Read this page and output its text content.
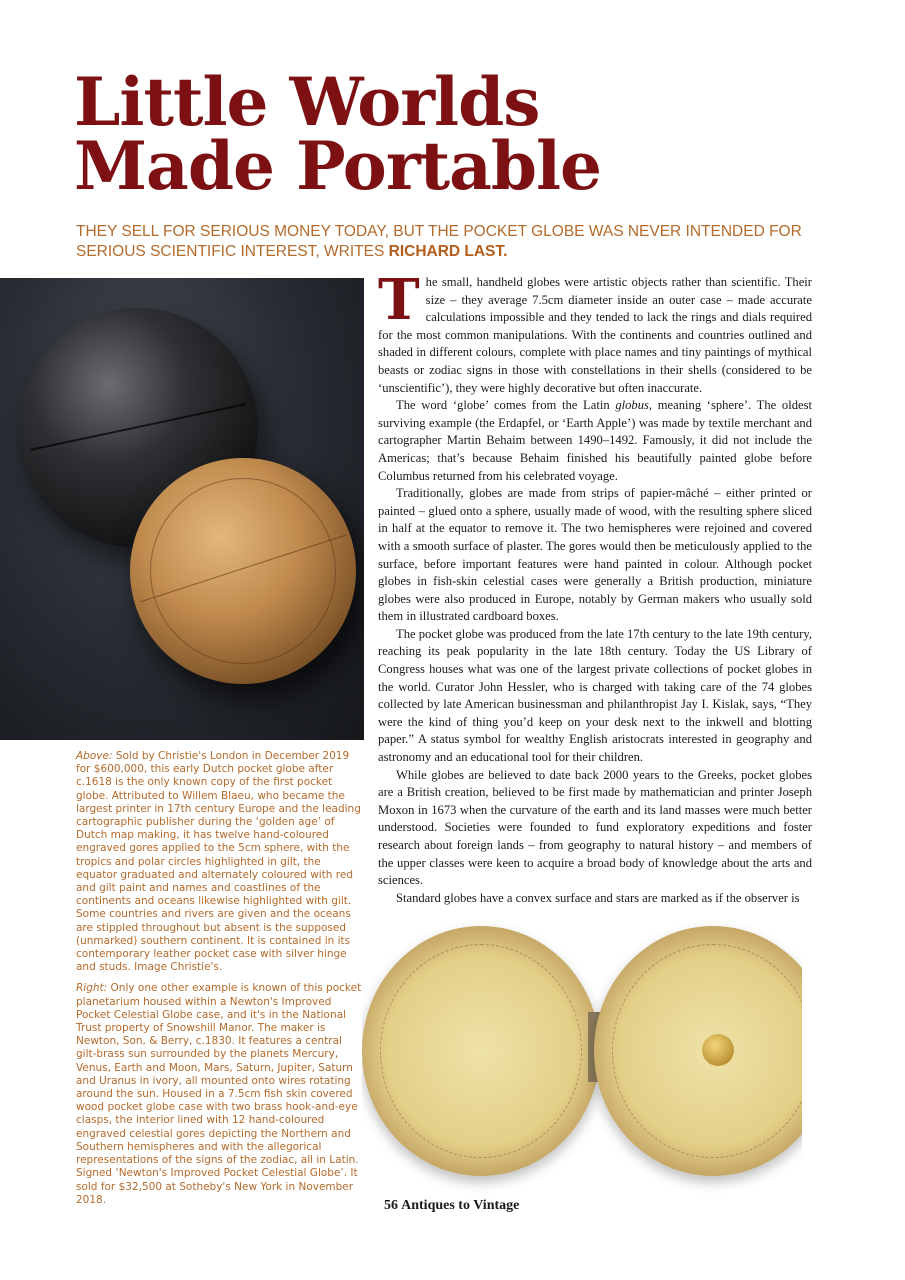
Little Worlds
Made Portable
THEY SELL FOR SERIOUS MONEY TODAY, BUT THE POCKET GLOBE WAS NEVER INTENDED FOR SERIOUS SCIENTIFIC INTEREST, WRITES RICHARD LAST.

The small, handheld globes were artistic objects rather than scientific. Their size – they average 7.5cm diameter inside an outer case – made accurate calculations impossible and they tended to lack the rings and dials required for the most common manipulations. With the continents and countries outlined and shaded in different colours, complete with place names and tiny paintings of mythical beasts or zodiac signs in those with constellations in their shells (considered to be ‘unscientific’), they were highly decorative but often inaccurate.

The word ‘globe’ comes from the Latin globus, meaning ‘sphere’. The oldest surviving example (the Erdapfel, or ‘Earth Apple’) was made by textile merchant and cartographer Martin Behaim between 1490–1492. Famously, it did not include the Americas; that’s because Behaim finished his beautifully painted globe before Columbus returned from his celebrated voyage.

Traditionally, globes are made from strips of papier-mâché – either printed or painted – glued onto a sphere, usually made of wood, with the resulting sphere sliced in half at the equator to remove it. The two hemispheres were rejoined and covered with a smooth surface of plaster. The gores would then be meticulously applied to the surface, before important features were hand painted in colour. Although pocket globes in fish-skin celestial cases were generally a British production, miniature globes were also produced in Europe, notably by German makers who usually sold them in illustrated cardboard boxes.

The pocket globe was produced from the late 17th century to the late 19th century, reaching its peak popularity in the late 18th century. Today the US Library of Congress houses what was one of the largest private collections of pocket globes in the world. Curator John Hessler, who is charged with taking care of the 74 globes collected by late American businessman and philanthropist Jay I. Kislak, says, “They were the kind of thing you’d keep on your desk next to the inkwell and blotting paper.” A status symbol for wealthy English aristocrats interested in geography and astronomy and an educational tool for their children.

While globes are believed to date back 2000 years to the Greeks, pocket globes are a British creation, believed to be first made by mathematician and printer Joseph Moxon in 1673 when the curvature of the earth and its land masses were much better understood. Societies were founded to fund exploratory expeditions and foster research about foreign lands – from geography to natural history – and members of the upper classes were keen to acquire a broad body of knowledge about the arts and sciences.

Standard globes have a convex surface and stars are marked as if the observer is

Above: Sold by Christie's London in December 2019 for $600,000, this early Dutch pocket globe after c.1618 is the only known copy of the first pocket globe. Attributed to Willem Blaeu, who became the largest printer in 17th century Europe and the leading cartographic publisher during the ‘golden age’ of Dutch map making, it has twelve hand-coloured engraved gores applied to the 5cm sphere, with the tropics and polar circles highlighted in gilt, the equator graduated and alternately coloured with red and gilt paint and names and coastlines of the continents and oceans likewise highlighted with gilt. Some countries and rivers are given and the oceans are stippled throughout but absent is the supposed (unmarked) southern continent. It is contained in its contemporary leather pocket case with silver hinge and studs. Image Christie's.

Right: Only one other example is known of this pocket planetarium housed within a Newton's Improved Pocket Celestial Globe case, and it's in the National Trust property of Snowshill Manor. The maker is Newton, Son, & Berry, c.1830. It features a central gilt-brass sun surrounded by the planets Mercury, Venus, Earth and Moon, Mars, Saturn, Jupiter, Saturn and Uranus in ivory, all mounted onto wires rotating around the sun. Housed in a 7.5cm fish skin covered wood pocket globe case with two brass hook-and-eye clasps, the interior lined with 12 hand-coloured engraved celestial gores depicting the Northern and Southern hemispheres and with the allegorical representations of the signs of the zodiac, all in Latin. Signed ‘Newton's Improved Pocket Celestial Globe’. It sold for $32,500 at Sotheby's New York in November 2018.	56 Antiques to Vintage
